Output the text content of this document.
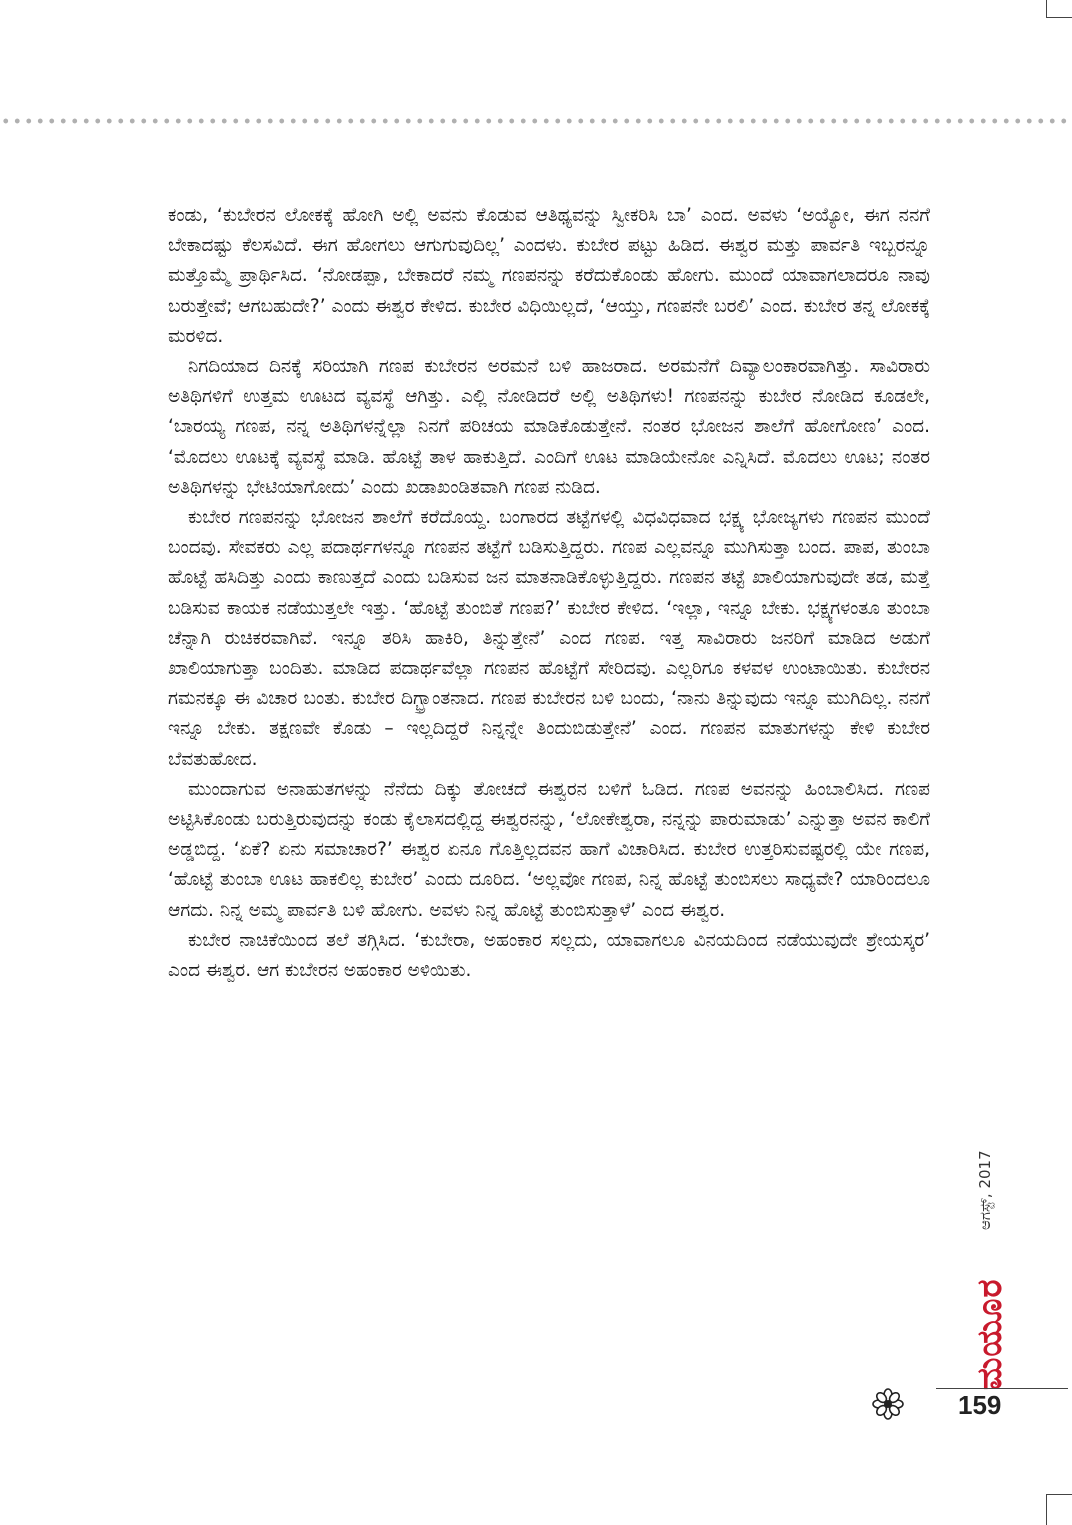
ಕಂಡು, ‘ಕುಬೇರನ ಲೋಕಕ್ಕೆ ಹೋಗಿ ಅಲ್ಲಿ ಅವನು ಕೊಡುವ ಆತಿಥ್ಯವನ್ನು ಸ್ವೀಕರಿಸಿ ಬಾ’ ಎಂದ. ಅವಳು ‘ಅಯ್ಯೋ, ಈಗ ನನಗೆ ಬೇಕಾದಷ್ಟು ಕೆಲಸವಿದೆ. ಈಗ ಹೋಗಲು ಆಗುಗುವುದಿಲ್ಲ’ ಎಂದಳು. ಕುಬೇರ ಪಟ್ಟು ಹಿಡಿದ. ಈಶ್ವರ ಮತ್ತು ಪಾರ್ವತಿ ಇಬ್ಬರನ್ನೂ ಮತ್ತೊಮ್ಮೆ ಪ್ರಾರ್ಥಿಸಿದ. ‘ನೋಡಪ್ಪಾ, ಬೇಕಾದರೆ ನಮ್ಮ ಗಣಪನನ್ನು ಕರೆದುಕೊಂಡು ಹೋಗು. ಮುಂದೆ ಯಾವಾಗಲಾದರೂ ನಾವು ಬರುತ್ತೇವೆ; ಆಗಬಹುದೇ?’ ಎಂದು ಈಶ್ವರ ಕೇಳಿದ. ಕುಬೇರ ವಿಧಿಯಿಲ್ಲದೆ, ‘ಆಯ್ತು, ಗಣಪನೇ ಬರಲಿ’ ಎಂದ. ಕುಬೇರ ತನ್ನ ಲೋಕಕ್ಕೆ ಮರಳಿದ.

ನಿಗದಿಯಾದ ದಿನಕ್ಕೆ ಸರಿಯಾಗಿ ಗಣಪ ಕುಬೇರನ ಅರಮನೆ ಬಳಿ ಹಾಜರಾದ. ಅರಮನೆಗೆ ದಿವ್ಯಾಲಂಕಾರವಾಗಿತ್ತು. ಸಾವಿರಾರು ಅತಿಥಿಗಳಿಗೆ ಉತ್ತಮ ಊಟದ ವ್ಯವಸ್ಥೆ ಆಗಿತ್ತು. ಎಲ್ಲಿ ನೋಡಿದರೆ ಅಲ್ಲಿ ಅತಿಥಿಗಳು! ಗಣಪನನ್ನು ಕುಬೇರ ನೋಡಿದ ಕೂಡಲೇ, ‘ಬಾರಯ್ಯ ಗಣಪ, ನನ್ನ ಅತಿಥಿಗಳನ್ನೆಲ್ಲಾ ನಿನಗೆ ಪರಿಚಯ ಮಾಡಿಕೊಡುತ್ತೇನೆ. ನಂತರ ಭೋಜನ ಶಾಲೆಗೆ ಹೋಗೋಣ’ ಎಂದ. ‘ಮೊದಲು ಊಟಕ್ಕೆ ವ್ಯವಸ್ಥೆ ಮಾಡಿ. ಹೊಟ್ಟೆ ತಾಳ ಹಾಕುತ್ತಿದೆ. ಎಂದಿಗೆ ಊಟ ಮಾಡಿಯೇನೋ ಎನ್ನಿಸಿದೆ. ಮೊದಲು ಊಟ; ನಂತರ ಅತಿಥಿಗಳನ್ನು ಭೇಟಿಯಾಗೋದು’ ಎಂದು ಖಡಾಖಂಡಿತವಾಗಿ ಗಣಪ ನುಡಿದ.

ಕುಬೇರ ಗಣಪನನ್ನು ಭೋಜನ ಶಾಲೆಗೆ ಕರೆದೊಯ್ದ. ಬಂಗಾರದ ತಟ್ಟೆಗಳಲ್ಲಿ ವಿಧವಿಧವಾದ ಭಕ್ಷ್ಯ ಭೋಜ್ಯಗಳು ಗಣಪನ ಮುಂದೆ ಬಂದವು. ಸೇವಕರು ಎಲ್ಲ ಪದಾರ್ಥಗಳನ್ನೂ ಗಣಪನ ತಟ್ಟೆಗೆ ಬಡಿಸುತ್ತಿದ್ದರು. ಗಣಪ ಎಲ್ಲವನ್ನೂ ಮುಗಿಸುತ್ತಾ ಬಂದ. ಪಾಪ, ತುಂಬಾ ಹೊಟ್ಟೆ ಹಸಿದಿತ್ತು ಎಂದು ಕಾಣುತ್ತದೆ ಎಂದು ಬಡಿಸುವ ಜನ ಮಾತನಾಡಿಕೊಳ್ಳುತ್ತಿದ್ದರು. ಗಣಪನ ತಟ್ಟೆ ಖಾಲಿಯಾಗುವುದೇ ತಡ, ಮತ್ತೆ ಬಡಿಸುವ ಕಾಯಕ ನಡೆಯುತ್ತಲೇ ಇತ್ತು. ‘ಹೊಟ್ಟೆ ತುಂಬಿತೆ ಗಣಪ?’ ಕುಬೇರ ಕೇಳಿದ. ‘ಇಲ್ಲಾ, ಇನ್ನೂ ಬೇಕು. ಭಕ್ಷ್ಯಗಳಂತೂ ತುಂಬಾ ಚೆನ್ನಾಗಿ ರುಚಿಕರವಾಗಿವೆ. ಇನ್ನೂ ತರಿಸಿ ಹಾಕಿರಿ, ತಿನ್ನುತ್ತೇನೆ’ ಎಂದ ಗಣಪ. ಇತ್ತ ಸಾವಿರಾರು ಜನರಿಗೆ ಮಾಡಿದ ಅಡುಗೆ ಖಾಲಿಯಾಗುತ್ತಾ ಬಂದಿತು. ಮಾಡಿದ ಪದಾರ್ಥವೆಲ್ಲಾ ಗಣಪನ ಹೊಟ್ಟೆಗೆ ಸೇರಿದವು. ಎಲ್ಲರಿಗೂ ಕಳವಳ ಉಂಟಾಯಿತು. ಕುಬೇರನ ಗಮನಕ್ಕೂ ಈ ವಿಚಾರ ಬಂತು. ಕುಬೇರ ದಿಗ್ಭ್ರಾಂತನಾದ. ಗಣಪ ಕುಬೇರನ ಬಳಿ ಬಂದು, ‘ನಾನು ತಿನ್ನುವುದು ಇನ್ನೂ ಮುಗಿದಿಲ್ಲ. ನನಗೆ ಇನ್ನೂ ಬೇಕು. ತಕ್ಷಣವೇ ಕೊಡು – ಇಲ್ಲದಿದ್ದರೆ ನಿನ್ನನ್ನೇ ತಿಂದುಬಿಡುತ್ತೇನೆ’ ಎಂದ. ಗಣಪನ ಮಾತುಗಳನ್ನು ಕೇಳಿ ಕುಬೇರ ಬೆವತುಹೋದ.

ಮುಂದಾಗುವ ಅನಾಹುತಗಳನ್ನು ನೆನೆದು ದಿಕ್ಕು ತೋಚದೆ ಈಶ್ವರನ ಬಳಿಗೆ ಓಡಿದ. ಗಣಪ ಅವನನ್ನು ಹಿಂಬಾಲಿಸಿದ. ಗಣಪ ಅಟ್ಟಿಸಿಕೊಂಡು ಬರುತ್ತಿರುವುದನ್ನು ಕಂಡು ಕೈಲಾಸದಲ್ಲಿದ್ದ ಈಶ್ವರನನ್ನು, ‘ಲೋಕೇಶ್ವರಾ, ನನ್ನನ್ನು ಪಾರುಮಾಡು’ ಎನ್ನುತ್ತಾ ಅವನ ಕಾಲಿಗೆ ಅಡ್ಡಬಿದ್ದ. ‘ಏಕೆ? ಏನು ಸಮಾಚಾರ?’ ಈಶ್ವರ ಏನೂ ಗೊತ್ತಿಲ್ಲದವನ ಹಾಗೆ ವಿಚಾರಿಸಿದ. ಕುಬೇರ ಉತ್ತರಿಸುವಷ್ಟರಲ್ಲಿ ಯೇ ಗಣಪ, ‘ಹೊಟ್ಟೆ ತುಂಬಾ ಊಟ ಹಾಕಲಿಲ್ಲ ಕುಬೇರ’ ಎಂದು ದೂರಿದ. ‘ಅಲ್ಲವೋ ಗಣಪ, ನಿನ್ನ ಹೊಟ್ಟೆ ತುಂಬಿಸಲು ಸಾಧ್ಯವೇ? ಯಾರಿಂದಲೂ ಆಗದು. ನಿನ್ನ ಅಮ್ಮ ಪಾರ್ವತಿ ಬಳಿ ಹೋಗು. ಅವಳು ನಿನ್ನ ಹೊಟ್ಟೆ ತುಂಬಿಸುತ್ತಾಳೆ’ ಎಂದ ಈಶ್ವರ.

ಕುಬೇರ ನಾಚಿಕೆಯಿಂದ ತಲೆ ತಗ್ಗಿಸಿದ. ‘ಕುಬೇರಾ, ಅಹಂಕಾರ ಸಲ್ಲದು, ಯಾವಾಗಲೂ ವಿನಯದಿಂದ ನಡೆಯುವುದೇ ಶ್ರೇಯಸ್ಕರ’ ಎಂದ ಈಶ್ವರ. ಆಗ ಕುಬೇರನ ಅಹಂಕಾರ ಅಳಿಯಿತು.

ಆಗಸ್ಟ್, 2017
ಮಯೂರ
159
